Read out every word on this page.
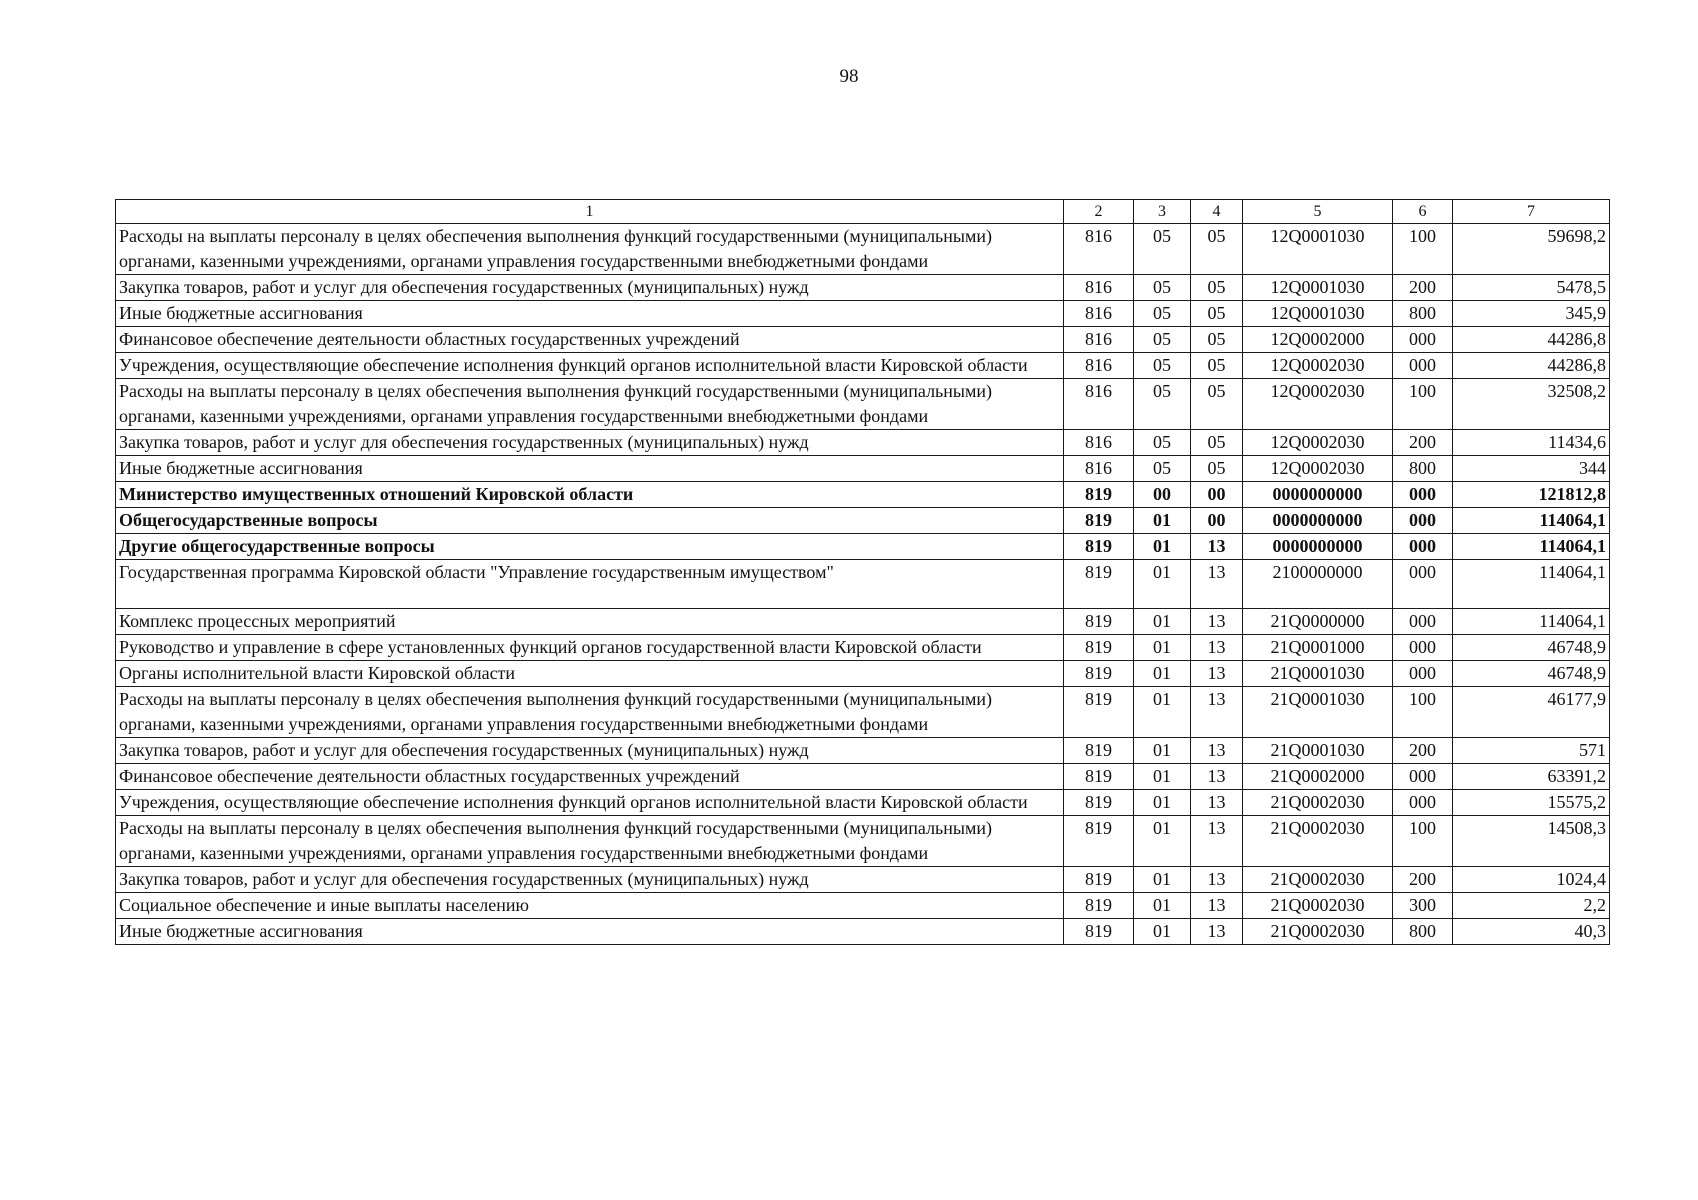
98
1	2	3	4	5	6	7
Расходы на выплаты персоналу в целях обеспечения выполнения функций государственными (муниципальными) органами, казенными учреждениями, органами управления государственными внебюджетными фондами	816	05	05	12Q0001030	100	59698,2
Закупка товаров, работ и услуг для обеспечения государственных (муниципальных) нужд	816	05	05	12Q0001030	200	5478,5
Иные бюджетные ассигнования	816	05	05	12Q0001030	800	345,9
Финансовое обеспечение деятельности областных государственных учреждений	816	05	05	12Q0002000	000	44286,8
Учреждения, осуществляющие обеспечение исполнения функций органов исполнительной власти Кировской области	816	05	05	12Q0002030	000	44286,8
Расходы на выплаты персоналу в целях обеспечения выполнения функций государственными (муниципальными) органами, казенными учреждениями, органами управления государственными внебюджетными фондами	816	05	05	12Q0002030	100	32508,2
Закупка товаров, работ и услуг для обеспечения государственных (муниципальных) нужд	816	05	05	12Q0002030	200	11434,6
Иные бюджетные ассигнования	816	05	05	12Q0002030	800	344
Министерство имущественных отношений Кировской области	819	00	00	0000000000	000	121812,8
Общегосударственные вопросы	819	01	00	0000000000	000	114064,1
Другие общегосударственные вопросы	819	01	13	0000000000	000	114064,1
Государственная программа Кировской области "Управление государственным имуществом"	819	01	13	2100000000	000	114064,1
Комплекс процессных мероприятий	819	01	13	21Q0000000	000	114064,1
Руководство и управление в сфере установленных функций органов государственной власти Кировской области	819	01	13	21Q0001000	000	46748,9
Органы исполнительной власти Кировской области	819	01	13	21Q0001030	000	46748,9
Расходы на выплаты персоналу в целях обеспечения выполнения функций государственными (муниципальными) органами, казенными учреждениями, органами управления государственными внебюджетными фондами	819	01	13	21Q0001030	100	46177,9
Закупка товаров, работ и услуг для обеспечения государственных (муниципальных) нужд	819	01	13	21Q0001030	200	571
Финансовое обеспечение деятельности областных государственных учреждений	819	01	13	21Q0002000	000	63391,2
Учреждения, осуществляющие обеспечение исполнения функций органов исполнительной власти Кировской области	819	01	13	21Q0002030	000	15575,2
Расходы на выплаты персоналу в целях обеспечения выполнения функций государственными (муниципальными) органами, казенными учреждениями, органами управления государственными внебюджетными фондами	819	01	13	21Q0002030	100	14508,3
Закупка товаров, работ и услуг для обеспечения государственных (муниципальных) нужд	819	01	13	21Q0002030	200	1024,4
Социальное обеспечение и иные выплаты населению	819	01	13	21Q0002030	300	2,2
Иные бюджетные ассигнования	819	01	13	21Q0002030	800	40,3
